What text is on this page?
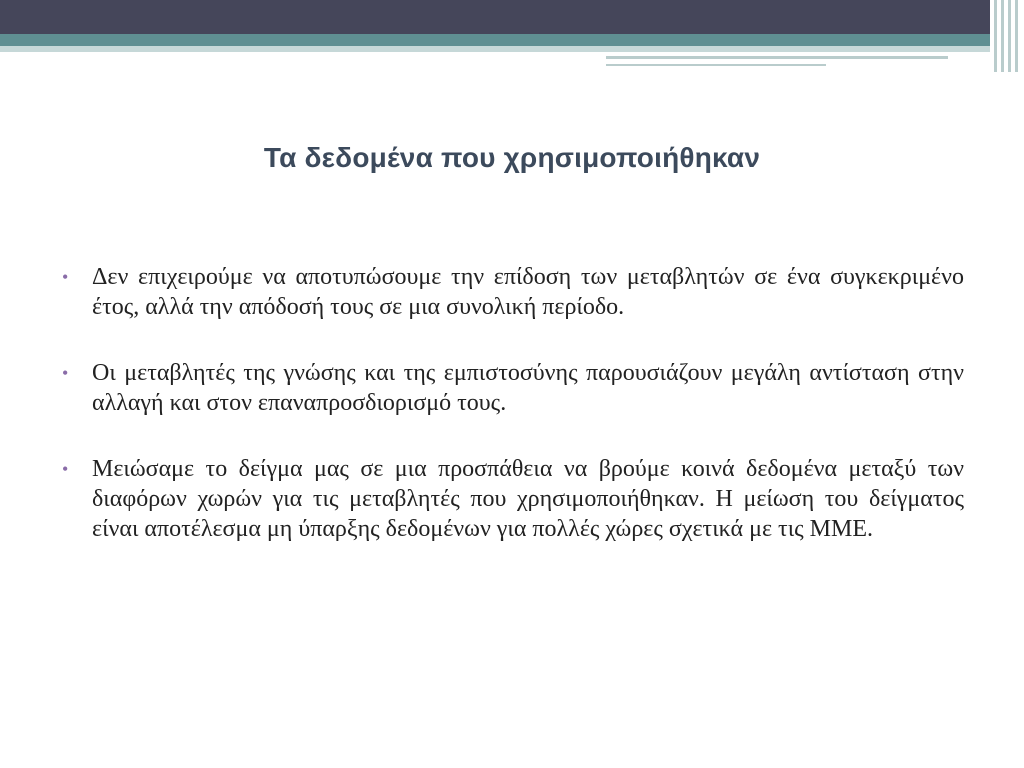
Τα δεδομένα που χρησιμοποιήθηκαν
• Δεν επιχειρούμε να αποτυπώσουμε την επίδοση των μεταβλητών σε ένα συγκεκριμένο έτος, αλλά την απόδοσή τους σε μια συνολική περίοδο.
• Οι μεταβλητές της γνώσης και της εμπιστοσύνης παρουσιάζουν μεγάλη αντίσταση στην αλλαγή και στον επαναπροσδιορισμό τους.
• Μειώσαμε το δείγμα μας σε μια προσπάθεια να βρούμε κοινά δεδομένα μεταξύ των διαφόρων χωρών για τις μεταβλητές που χρησιμοποιήθηκαν. Η μείωση του δείγματος είναι αποτέλεσμα μη ύπαρξης δεδομένων για πολλές χώρες σχετικά με τις ΜΜΕ.
